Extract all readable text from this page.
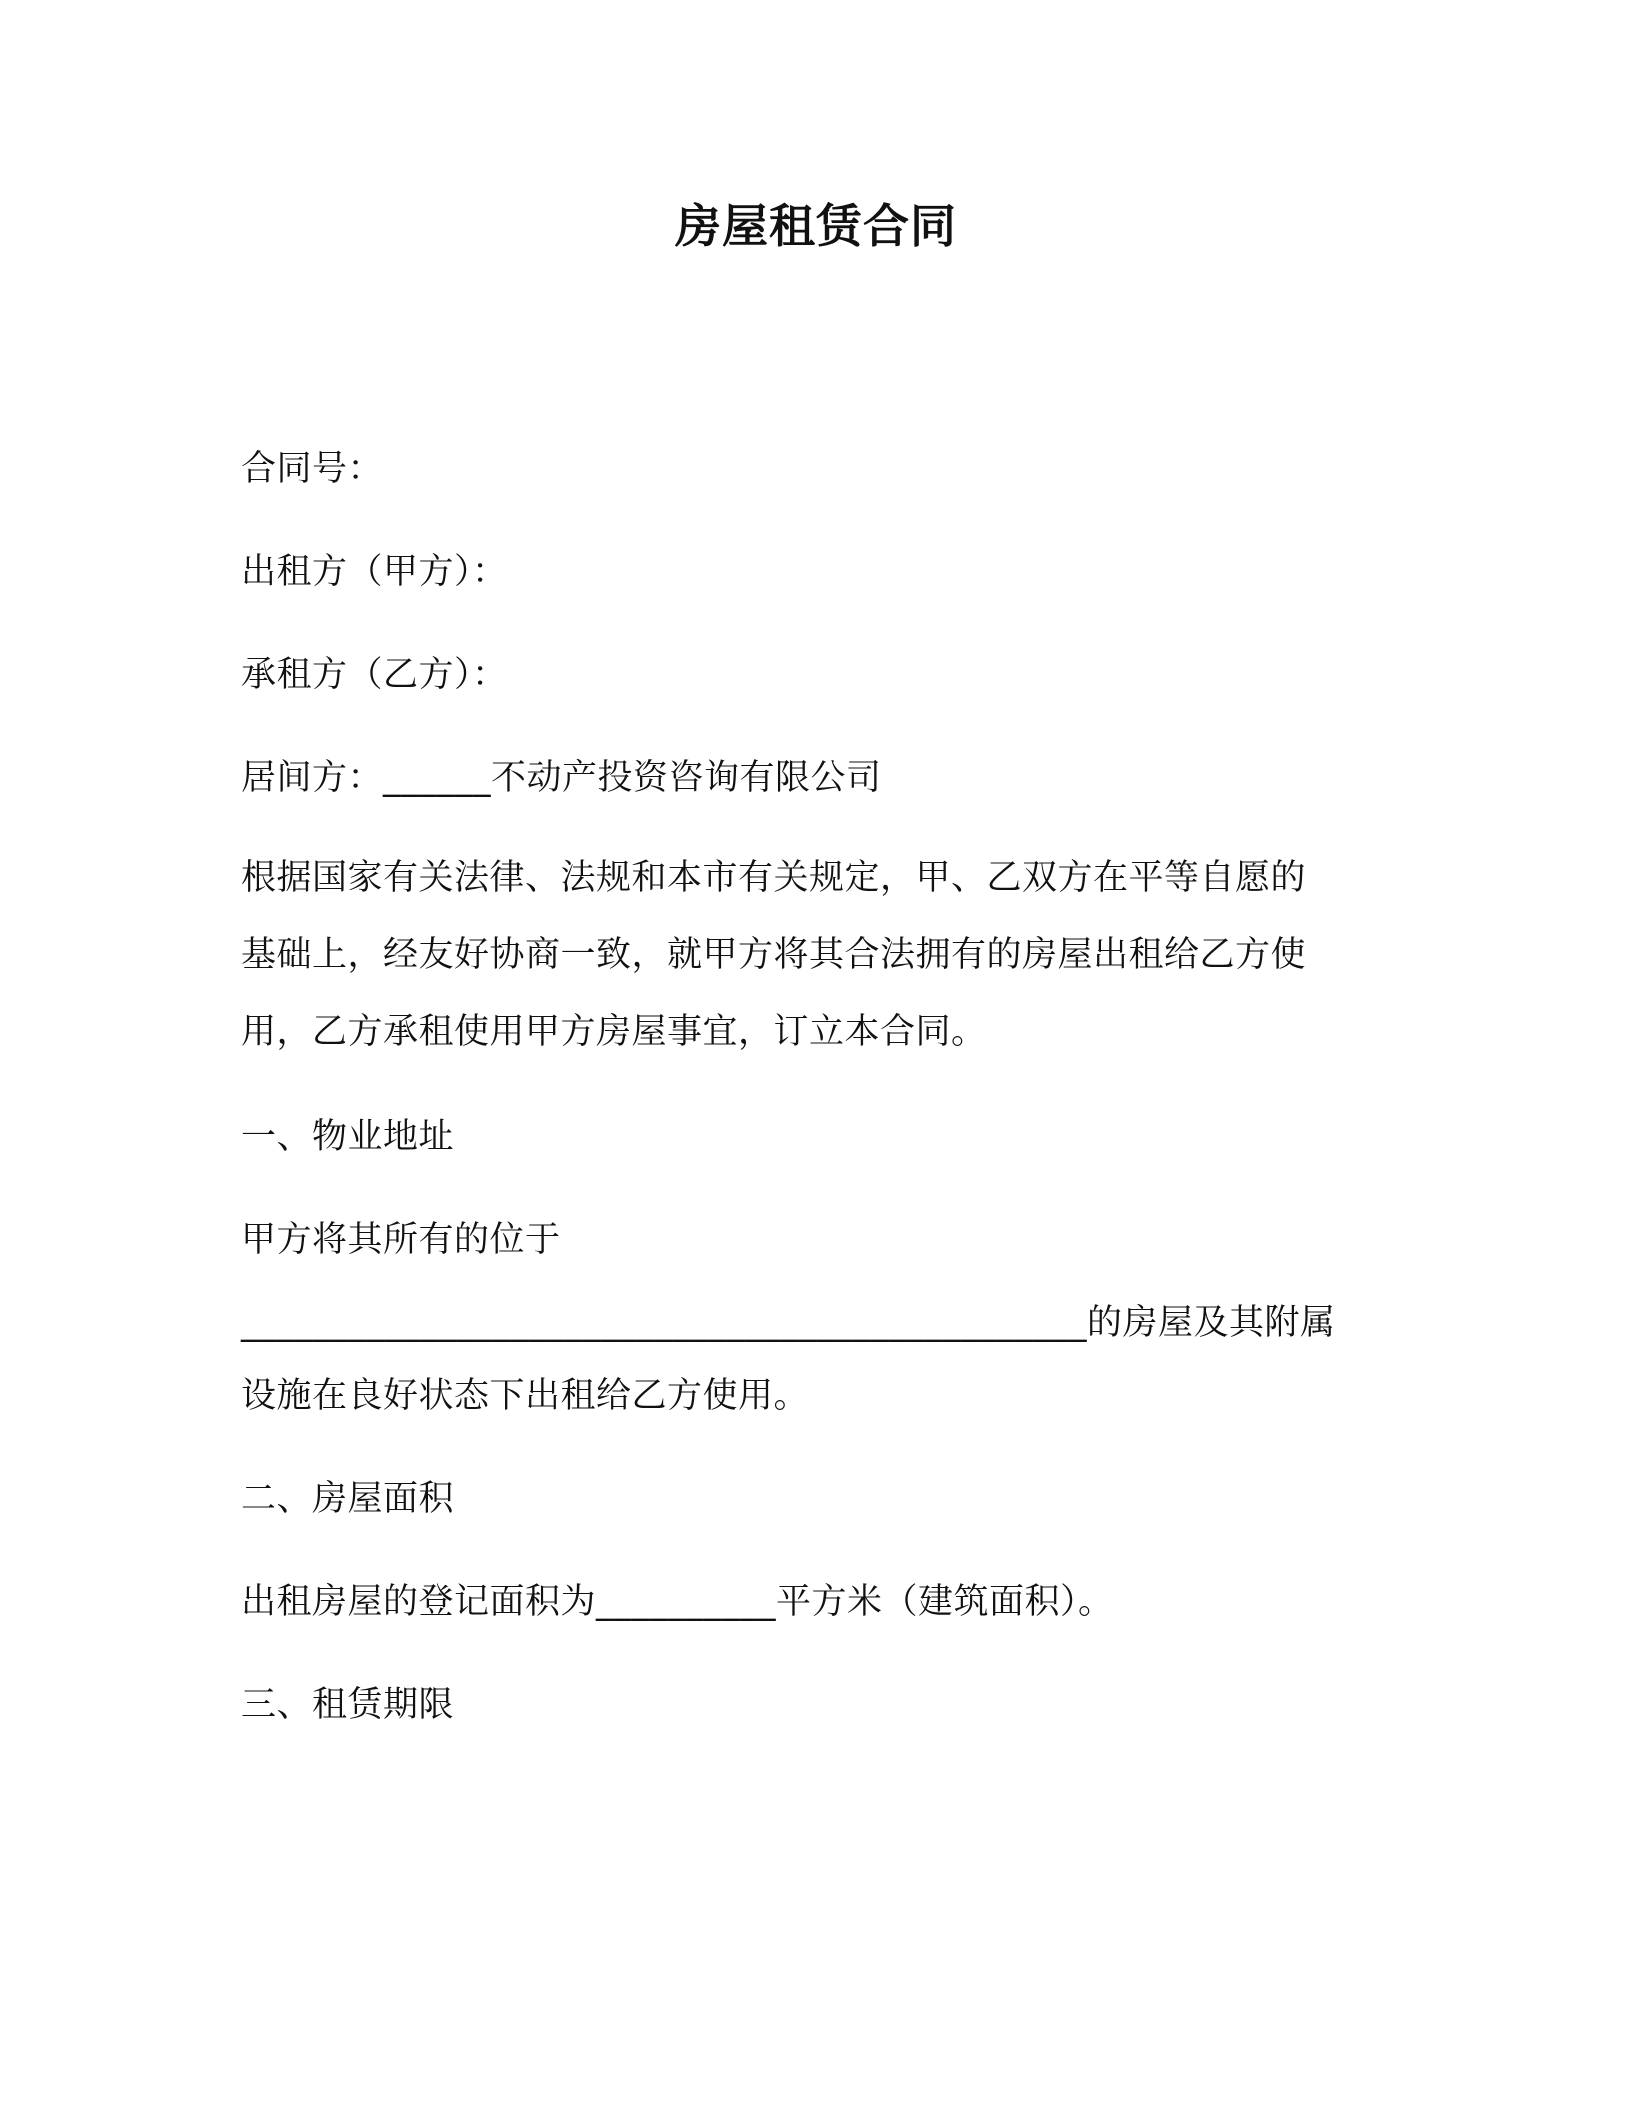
房屋租赁合同
合同号：
出租方（甲方）：
承租方（乙方）：
居间方：______不动产投资咨询有限公司
根据国家有关法律、法规和本市有关规定，甲、乙双方在平等自愿的
基础上，经友好协商一致，就甲方将其合法拥有的房屋出租给乙方使
用，乙方承租使用甲方房屋事宜，订立本合同。
一、物业地址
甲方将其所有的位于
_______________________________________________的房屋及其附属
设施在良好状态下出租给乙方使用。
二、房屋面积
出租房屋的登记面积为__________平方米（建筑面积）。
三、租赁期限
